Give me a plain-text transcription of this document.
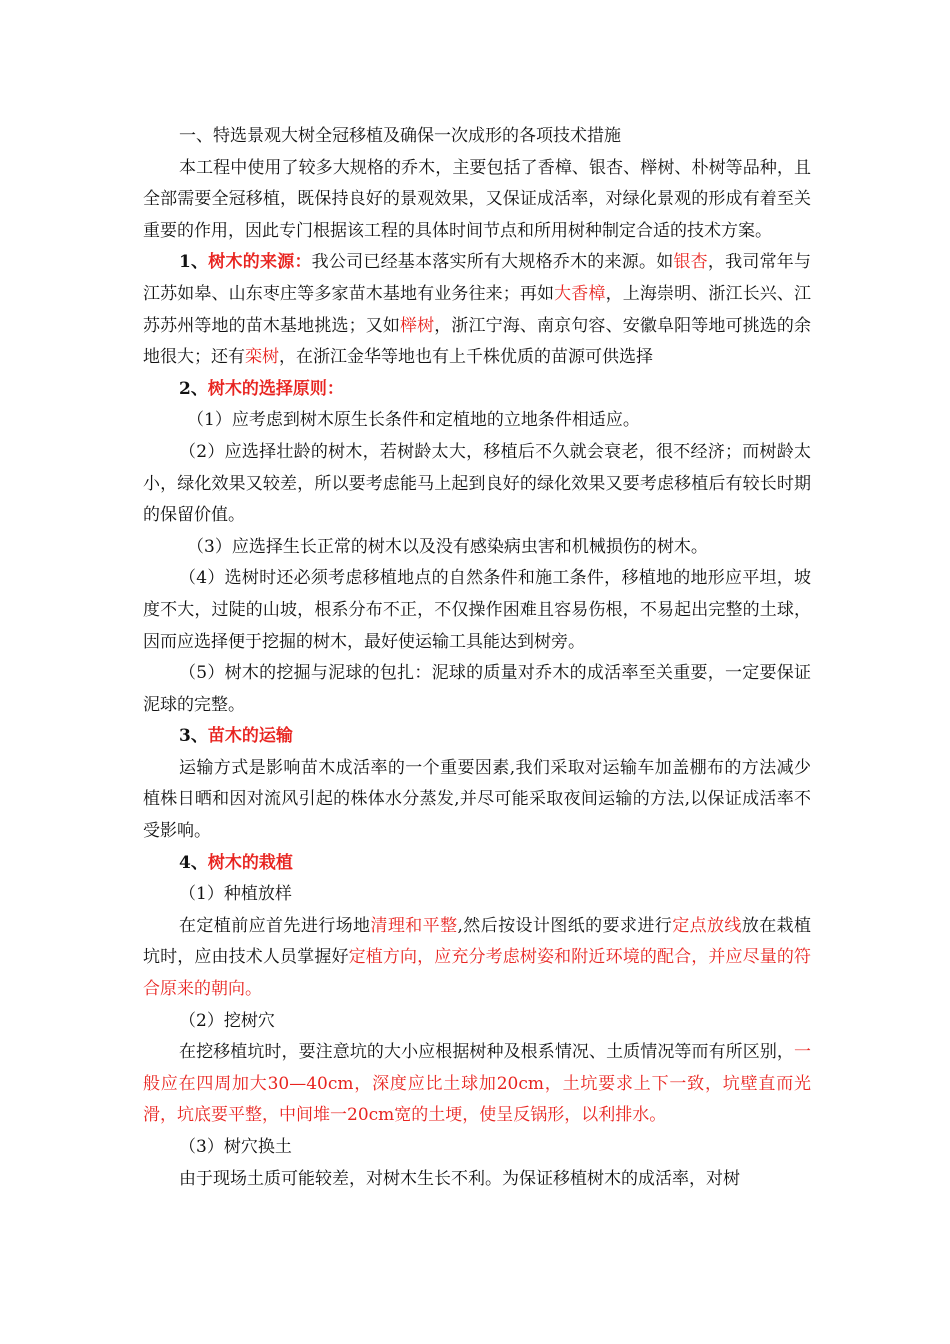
一、特选景观大树全冠移植及确保一次成形的各项技术措施

本工程中使用了较多大规格的乔木，主要包括了香樟、银杏、榉树、朴树等品种，且全部需要全冠移植，既保持良好的景观效果，又保证成活率，对绿化景观的形成有着至关重要的作用，因此专门根据该工程的具体时间节点和所用树种制定合适的技术方案。

1、树木的来源：我公司已经基本落实所有大规格乔木的来源。如银杏，我司常年与江苏如皋、山东枣庄等多家苗木基地有业务往来；再如大香樟，上海崇明、浙江长兴、江苏苏州等地的苗木基地挑选；又如榉树，浙江宁海、南京句容、安徽阜阳等地可挑选的余地很大；还有栾树，在浙江金华等地也有上千株优质的苗源可供选择

2、树木的选择原则：

（1）应考虑到树木原生长条件和定植地的立地条件相适应。

（2）应选择壮龄的树木，若树龄太大，移植后不久就会衰老，很不经济；而树龄太小，绿化效果又较差，所以要考虑能马上起到良好的绿化效果又要考虑移植后有较长时期的保留价值。

（3）应选择生长正常的树木以及没有感染病虫害和机械损伤的树木。

（4）选树时还必须考虑移植地点的自然条件和施工条件，移植地的地形应平坦，坡度不大，过陡的山坡，根系分布不正，不仅操作困难且容易伤根，不易起出完整的土球，因而应选择便于挖掘的树木，最好使运输工具能达到树旁。

（5）树木的挖掘与泥球的包扎：泥球的质量对乔木的成活率至关重要，一定要保证泥球的完整。

3、苗木的运输

运输方式是影响苗木成活率的一个重要因素,我们采取对运输车加盖棚布的方法减少植株日晒和因对流风引起的株体水分蒸发,并尽可能采取夜间运输的方法,以保证成活率不受影响。

4、树木的栽植

（1）种植放样

在定植前应首先进行场地清理和平整,然后按设计图纸的要求进行定点放线放在栽植坑时，应由技术人员掌握好定植方向，应充分考虑树姿和附近环境的配合，并应尽量的符合原来的朝向。

（2）挖树穴

在挖移植坑时，要注意坑的大小应根据树种及根系情况、土质情况等而有所区别，一般应在四周加大30—40cm，深度应比土球加20cm，土坑要求上下一致，坑壁直而光滑，坑底要平整，中间堆一20cm宽的土埂，使呈反锅形，以利排水。

（3）树穴换土

由于现场土质可能较差，对树木生长不利。为保证移植树木的成活率，对树
